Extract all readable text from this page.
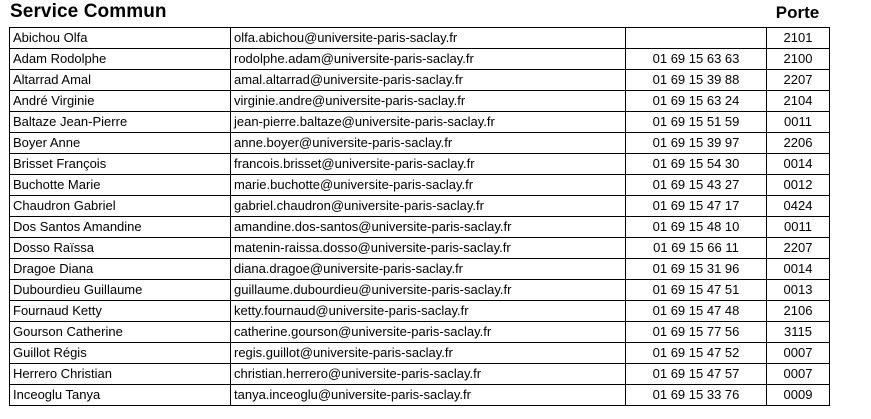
Service Commun	Porte
Abichou Olfa	olfa.abichou@universite-paris-saclay.fr		2101
Adam Rodolphe	rodolphe.adam@universite-paris-saclay.fr	01 69 15 63 63	2100
Altarrad Amal	amal.altarrad@universite-paris-saclay.fr	01 69 15 39 88	2207
André Virginie	virginie.andre@universite-paris-saclay.fr	01 69 15 63 24	2104
Baltaze Jean-Pierre	jean-pierre.baltaze@universite-paris-saclay.fr	01 69 15 51 59	0011
Boyer Anne	anne.boyer@universite-paris-saclay.fr	01 69 15 39 97	2206
Brisset François	francois.brisset@universite-paris-saclay.fr	01 69 15 54 30	0014
Buchotte Marie	marie.buchotte@universite-paris-saclay.fr	01 69 15 43 27	0012
Chaudron Gabriel	gabriel.chaudron@universite-paris-saclay.fr	01 69 15 47 17	0424
Dos Santos Amandine	amandine.dos-santos@universite-paris-saclay.fr	01 69 15 48 10	0011
Dosso Raïssa	matenin-raissa.dosso@universite-paris-saclay.fr	01 69 15 66 11	2207
Dragoe Diana	diana.dragoe@universite-paris-saclay.fr	01 69 15 31 96	0014
Dubourdieu Guillaume	guillaume.dubourdieu@universite-paris-saclay.fr	01 69 15 47 51	0013
Fournaud Ketty	ketty.fournaud@universite-paris-saclay.fr	01 69 15 47 48	2106
Gourson Catherine	catherine.gourson@universite-paris-saclay.fr	01 69 15 77 56	3115
Guillot Régis	regis.guillot@universite-paris-saclay.fr	01 69 15 47 52	0007
Herrero Christian	christian.herrero@universite-paris-saclay.fr	01 69 15 47 57	0007
Inceoglu Tanya	tanya.inceoglu@universite-paris-saclay.fr	01 69 15 33 76	0009
